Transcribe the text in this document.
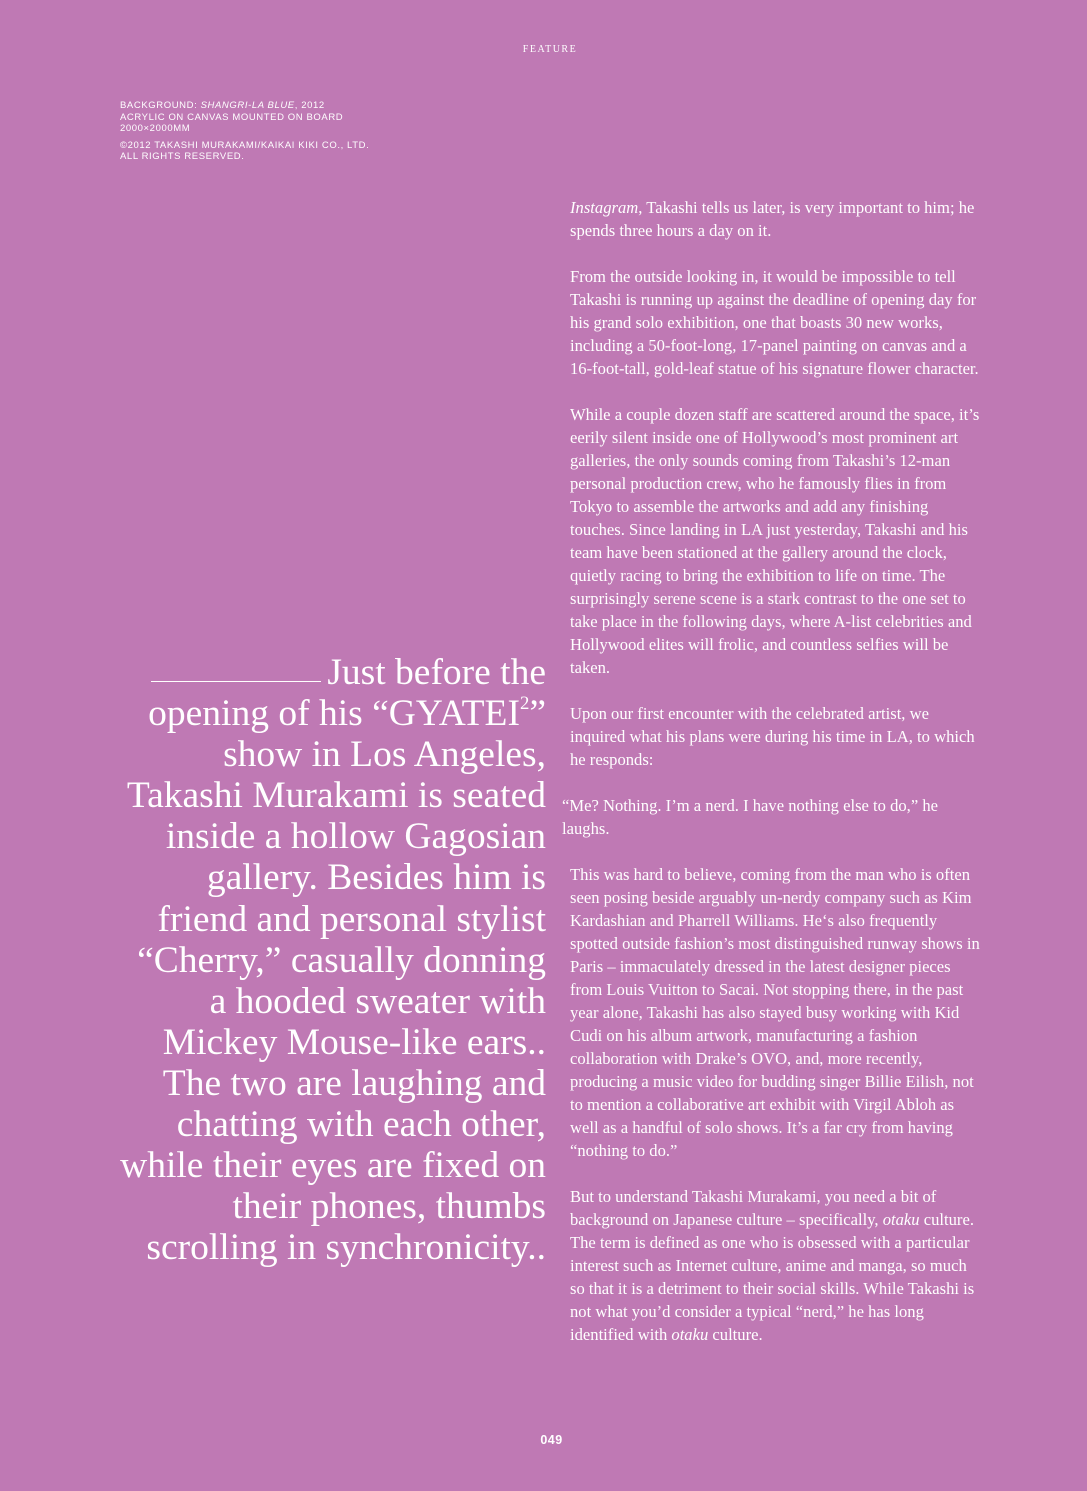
FEATURE

BACKGROUND: SHANGRI-LA BLUE, 2012
ACRYLIC ON CANVAS MOUNTED ON BOARD
2000×2000MM

©2012 TAKASHI MURAKAMI/KAIKAI KIKI CO., LTD. ALL RIGHTS RESERVED.

Just before the opening of his “GYATEI$^2$” show in Los Angeles, Takashi Murakami is seated inside a hollow Gagosian gallery. Besides him is friend and personal stylist “Cherry,” casually donning a hooded sweater with Mickey Mouse-like ears.. The two are laughing and chatting with each other, while their eyes are fixed on their phones, thumbs scrolling in synchronicity..

Instagram, Takashi tells us later, is very important to him; he spends three hours a day on it.

From the outside looking in, it would be impossible to tell Takashi is running up against the deadline of opening day for his grand solo exhibition, one that boasts 30 new works, including a 50-foot-long, 17-panel painting on canvas and a 16-foot-tall, gold-leaf statue of his signature flower character.

While a couple dozen staff are scattered around the space, it’s eerily silent inside one of Hollywood’s most prominent art galleries, the only sounds coming from Takashi’s 12-man personal production crew, who he famously flies in from Tokyo to assemble the artworks and add any finishing touches. Since landing in LA just yesterday, Takashi and his team have been stationed at the gallery around the clock, quietly racing to bring the exhibition to life on time. The surprisingly serene scene is a stark contrast to the one set to take place in the following days, where A-list celebrities and Hollywood elites will frolic, and countless selfies will be taken.

Upon our first encounter with the celebrated artist, we inquired what his plans were during his time in LA, to which he responds:

“Me? Nothing. I’m a nerd. I have nothing else to do,” he laughs.

This was hard to believe, coming from the man who is often seen posing beside arguably un-nerdy company such as Kim Kardashian and Pharrell Williams. He‘s also frequently spotted outside fashion’s most distinguished runway shows in Paris – immaculately dressed in the latest designer pieces from Louis Vuitton to Sacai. Not stopping there, in the past year alone, Takashi has also stayed busy working with Kid Cudi on his album artwork, manufacturing a fashion collaboration with Drake’s OVO, and, more recently, producing a music video for budding singer Billie Eilish, not to mention a collaborative art exhibit with Virgil Abloh as well as a handful of solo shows. It’s a far cry from having “nothing to do.”

But to understand Takashi Murakami, you need a bit of background on Japanese culture – specifically, otaku culture. The term is defined as one who is obsessed with a particular interest such as Internet culture, anime and manga, so much so that it is a detriment to their social skills. While Takashi is not what you’d consider a typical “nerd,” he has long identified with otaku culture.

049
